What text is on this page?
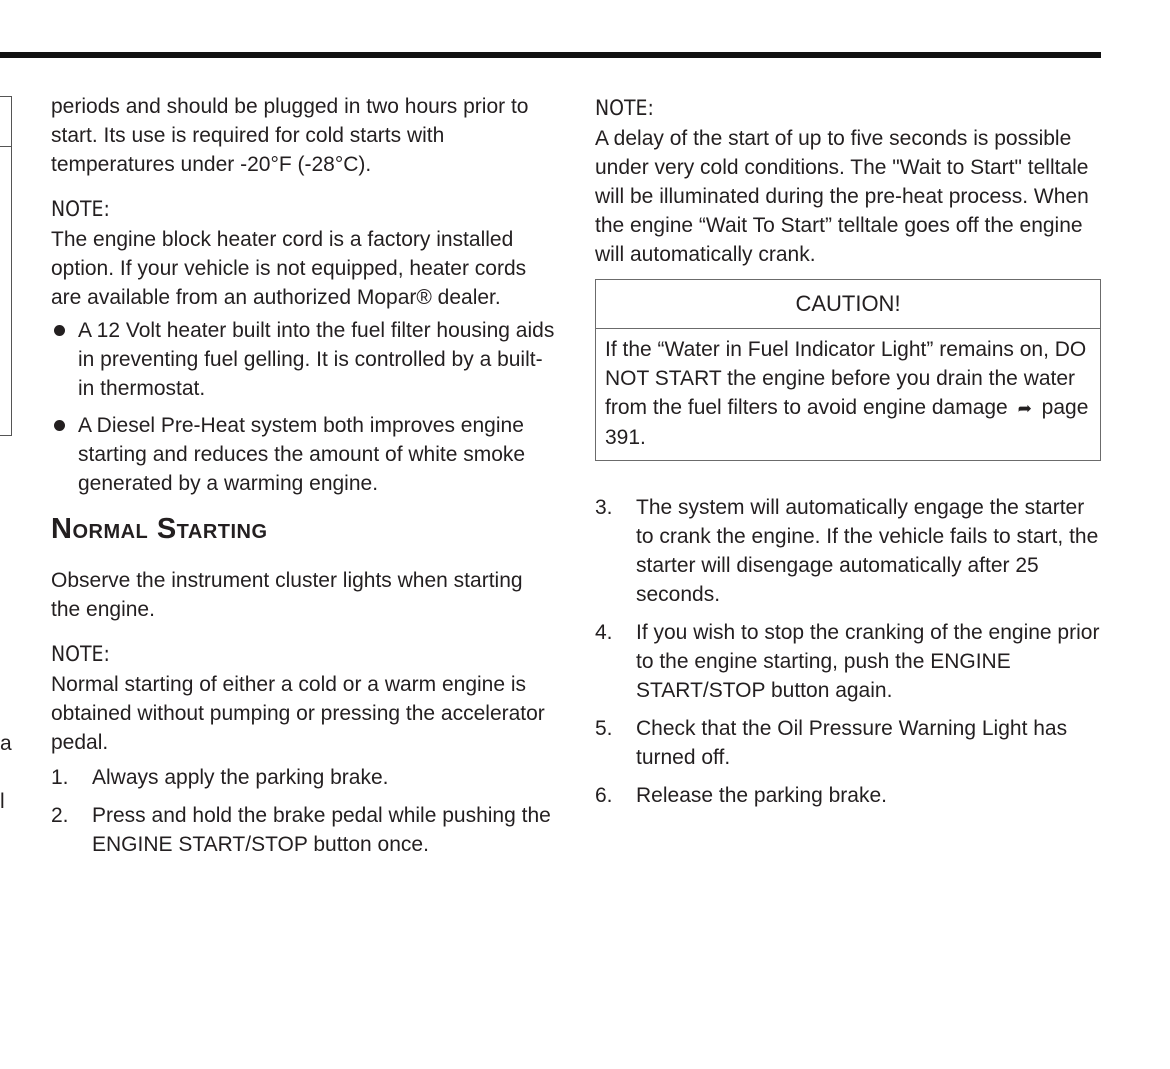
a
l

periods and should be plugged in two hours prior to start. Its use is required for cold starts with temperatures under -20°F (-28°C).

NOTE:

The engine block heater cord is a factory installed option. If your vehicle is not equipped, heater cords are available from an authorized Mopar® dealer.

A 12 Volt heater built into the fuel filter housing aids in preventing fuel gelling. It is controlled by a built-in thermostat.
A Diesel Pre-Heat system both improves engine starting and reduces the amount of white smoke generated by a warming engine.
Normal Starting

Observe the instrument cluster lights when starting the engine.

NOTE:

Normal starting of either a cold or a warm engine is obtained without pumping or pressing the accelerator pedal.

1. Always apply the parking brake.
2. Press and hold the brake pedal while pushing the ENGINE START/STOP button once.

NOTE:

A delay of the start of up to five seconds is possible under very cold conditions. The "Wait to Start" telltale will be illuminated during the pre-heat process. When the engine “Wait To Start” telltale goes off the engine will automatically crank.

CAUTION!
If the “Water in Fuel Indicator Light” remains on, DO NOT START the engine before you drain the water from the fuel filters to avoid engine damage ➦ page 391.
3. The system will automatically engage the starter to crank the engine. If the vehicle fails to start, the starter will disengage automatically after 25 seconds.
4. If you wish to stop the cranking of the engine prior to the engine starting, push the ENGINE START/STOP button again.
5. Check that the Oil Pressure Warning Light has turned off.
6. Release the parking brake.
